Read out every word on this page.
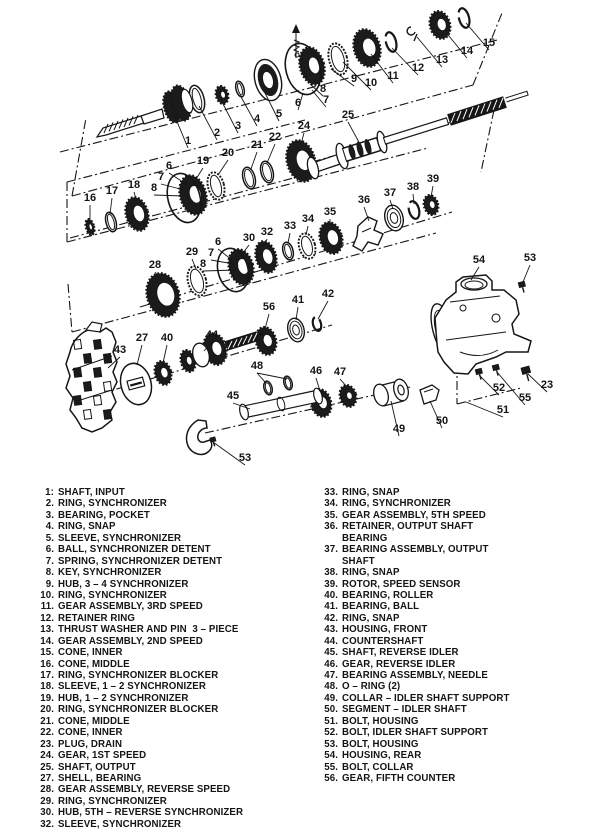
1
2
3
4 5
6 7
8
9 10
11
12
13
14
15
16
17 18
19
20
6
7
8
21
22
24
25
28
29
6
7
8
30 32 33
34
35
36
37 38
39
43
27 40	44
56
41 42
45
48	46 47
49
53
54	53
23
55
52
51
50
1: SHAFT, INPUT
2. RING, SYNCHRONIZER
3. BEARING, POCKET
4. RING, SNAP
5. SLEEVE, SYNCHRONIZER
6. BALL, SYNCHRONIZER DETENT
7. SPRING, SYNCHRONIZER DETENT
8. KEY, SYNCHRONIZER
9. HUB, 3 – 4 SYNCHRONIZER
10. RING, SYNCHRONIZER
11. GEAR ASSEMBLY, 3RD SPEED
12. RETAINER RING
13. THRUST WASHER AND PIN  3 – PIECE
14. GEAR ASSEMBLY, 2ND SPEED
15. CONE, INNER
16. CONE, MIDDLE
17. RING, SYNCHRONIZER BLOCKER
18. SLEEVE, 1 – 2 SYNCHRONIZER
19. HUB, 1 – 2 SYNCHRONIZER
20. RING, SYNCHRONIZER BLOCKER
21. CONE, MIDDLE
22. CONE, INNER
23. PLUG, DRAIN
24. GEAR, 1ST SPEED
25. SHAFT, OUTPUT
27. SHELL, BEARING
28. GEAR ASSEMBLY, REVERSE SPEED
29. RING, SYNCHRONIZER
30. HUB, 5TH – REVERSE SYNCHRONIZER
32. SLEEVE, SYNCHRONIZER
33. RING, SNAP
34. RING, SYNCHRONIZER
35. GEAR ASSEMBLY, 5TH SPEED
36. RETAINER, OUTPUT SHAFT
BEARING
37. BEARING ASSEMBLY, OUTPUT
SHAFT
38. RING, SNAP
39. ROTOR, SPEED SENSOR
40. BEARING, ROLLER
41. BEARING, BALL
42. RING, SNAP
43. HOUSING, FRONT
44. COUNTERSHAFT
45. SHAFT, REVERSE IDLER
46. GEAR, REVERSE IDLER
47. BEARING ASSEMBLY, NEEDLE
48. O – RING (2)
49. COLLAR – IDLER SHAFT SUPPORT
50. SEGMENT – IDLER SHAFT
51. BOLT, HOUSING
52. BOLT, IDLER SHAFT SUPPORT
53. BOLT, HOUSING
54. HOUSING, REAR
55. BOLT, COLLAR
56. GEAR, FIFTH COUNTER
